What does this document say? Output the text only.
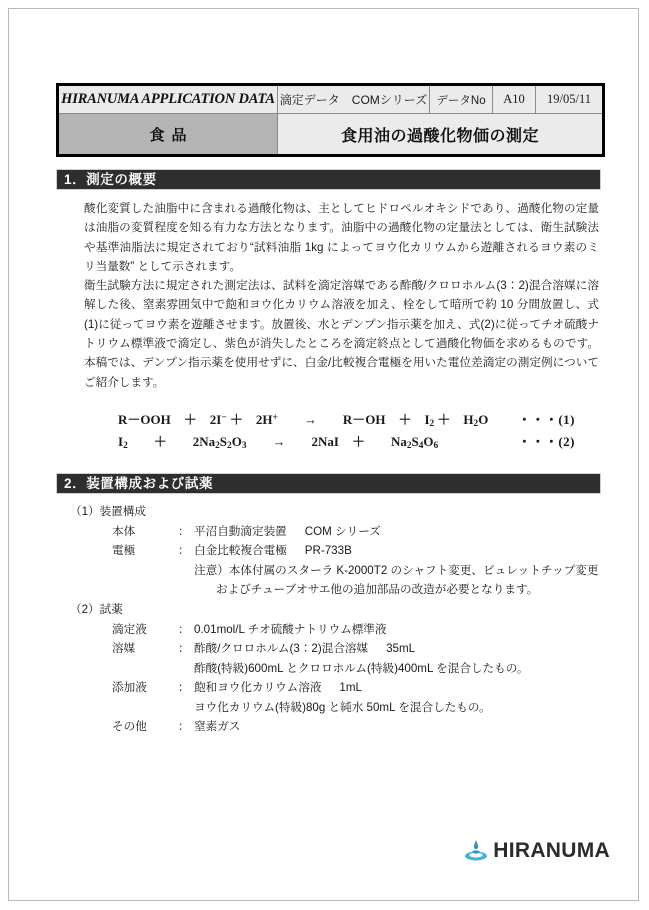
HIRANUMA APPLICATION DATA	滴定データ　COMシリーズ	データNo	A10	19/05/11
食品	食用油の過酸化物価の測定			
1．測定の概要

酸化変質した油脂中に含まれる過酸化物は、主としてヒドロペルオキシドであり、過酸化物の定量は油脂の変質程度を知る有力な方法となります。油脂中の過酸化物の定量法としては、衛生試験法や基準油脂法に規定されており“試料油脂 1kg によってヨウ化カリウムから遊離されるヨウ素のミリ当量数” として示されます。

衛生試験方法に規定された測定法は、試料を滴定溶媒である酢酸/クロロホルム(3：2)混合溶媒に溶解した後、窒素雰囲気中で飽和ヨウ化カリウム溶液を加え、栓をして暗所で約 10 分間放置し、式(1)に従ってヨウ素を遊離させます。放置後、水とデンプン指示薬を加え、式(2)に従ってチオ硫酸ナトリウム標準液で滴定し、紫色が消失したところを滴定終点として過酸化物価を求めるものです。本稿では、デンプン指示薬を使用せずに、白金/比較複合電極を用いた電位差滴定の測定例についてご紹介します。

R－OOH　＋　2I− ＋　2H+　　→　　R－OH　＋　$I_2$ ＋　$H_2O$ ・・・(1)
$I_2$　　＋　　$2Na_2S_2O_3$　　→　　2NaI　＋　　$Na_2S_4O_6$	・・・(2)
2．装置構成および試薬
（1）装置構成
本体	： 平沼自動滴定装置 COM シリーズ
電極	： 白金比較複合電極 PR-733B
注意）本体付属のスターラ K-2000T2 のシャフト変更、ビュレットチップ変更
およびチューブオサエ他の追加部品の改造が必要となります。
（2）試薬
滴定液	： 0.01mol/L チオ硫酸ナトリウム標準液
溶媒	： 酢酸/クロロホルム(3：2)混合溶媒 35mL
酢酸(特級)600mL とクロロホルム(特級)400mL を混合したもの。
添加液	： 飽和ヨウ化カリウム溶液 1mL
ヨウ化カリウム(特級)80g と純水 50mL を混合したもの。
その他	： 窒素ガス
HIRANUMA
